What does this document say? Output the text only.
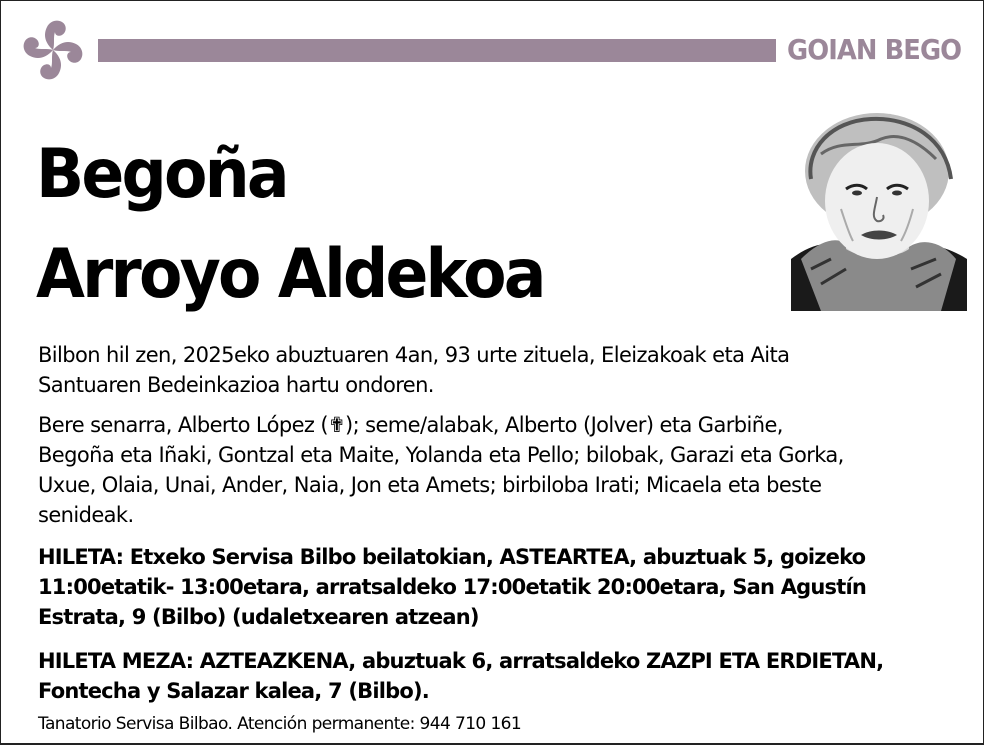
GOIAN BEGO
Begoña
Arroyo Aldekoa
Bilbon hil zen, 2025eko abuztuaren 4an, 93 urte zituela, Eleizakoak eta Aita
Santuaren Bedeinkazioa hartu ondoren.
Bere senarra, Alberto López (✟); seme/alabak, Alberto (Jolver) eta Garbiñe,
Begoña eta Iñaki, Gontzal eta Maite, Yolanda eta Pello; bilobak, Garazi eta Gorka,
Uxue, Olaia, Unai, Ander, Naia, Jon eta Amets; birbiloba Irati; Micaela eta beste
senideak.
HILETA: Etxeko Servisa Bilbo beilatokian, ASTEARTEA, abuztuak 5, goizeko
11:00etatik- 13:00etara, arratsaldeko 17:00etatik 20:00etara, San Agustín
Estrata, 9 (Bilbo) (udaletxearen atzean)
HILETA MEZA: AZTEAZKENA, abuztuak 6, arratsaldeko ZAZPI ETA ERDIETAN,
Fontecha y Salazar kalea, 7 (Bilbo).
Tanatorio Servisa Bilbao. Atención permanente: 944 710 161
